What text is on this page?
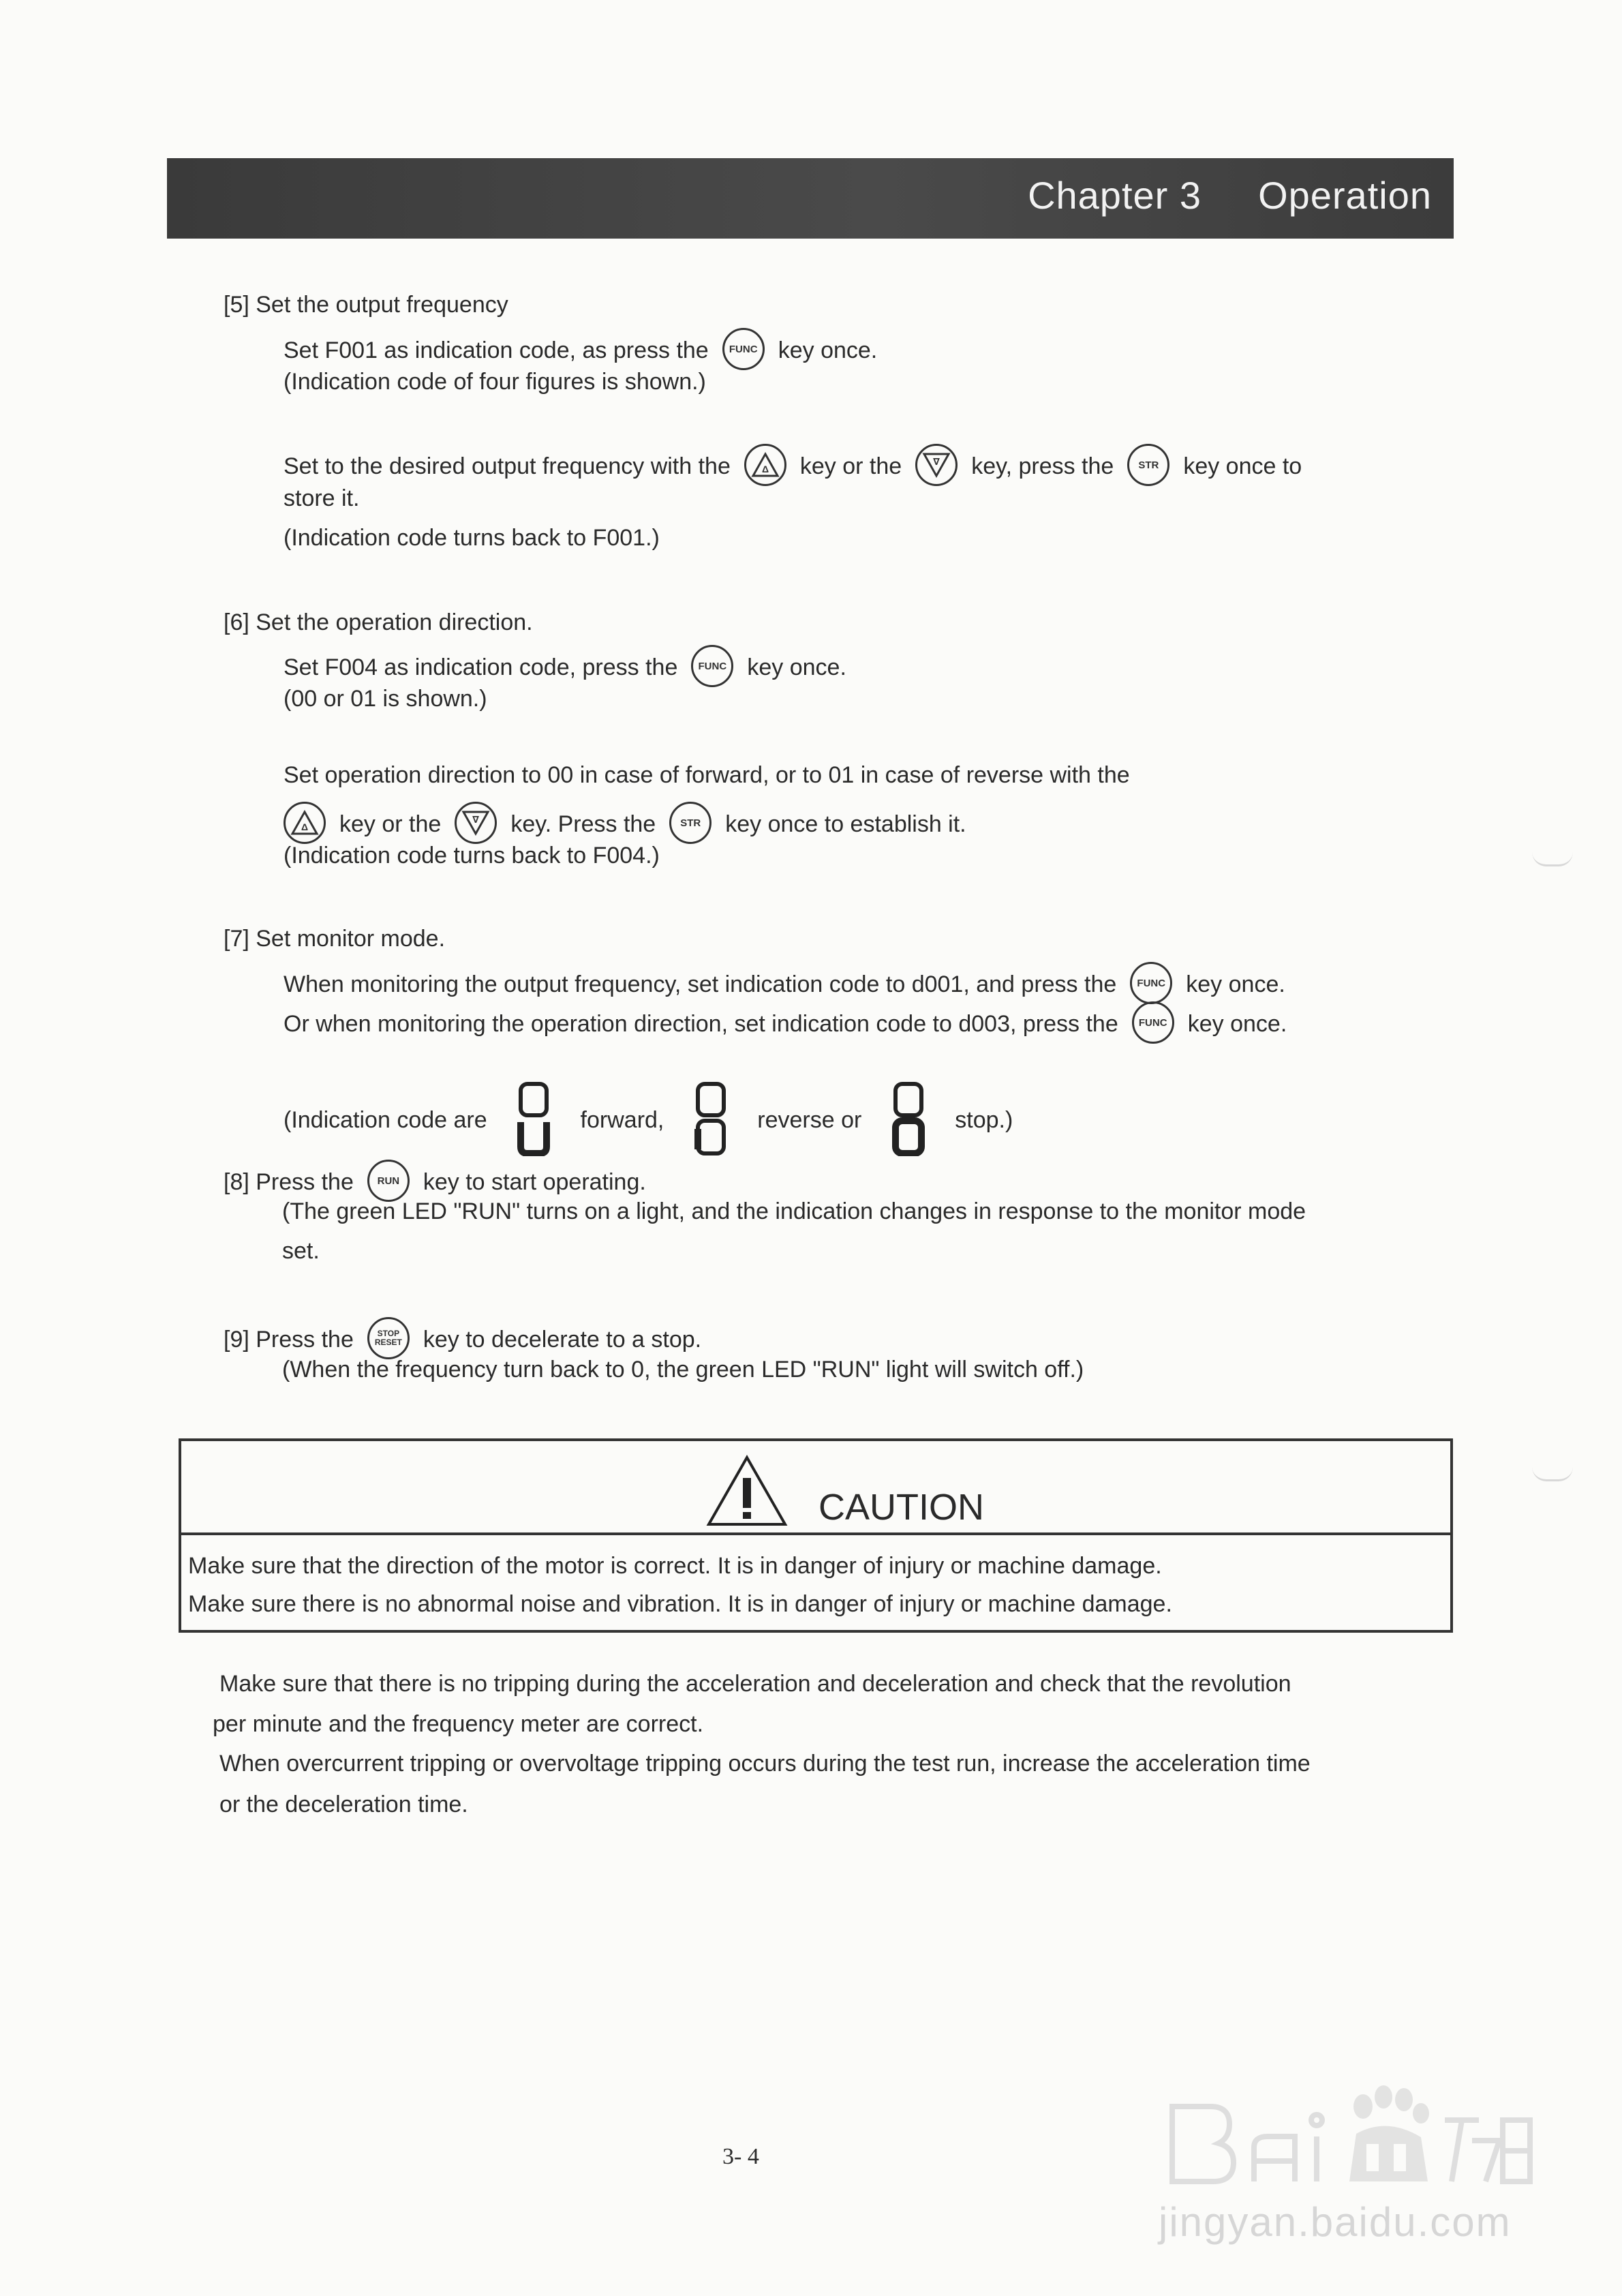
Chapter 3 Operation
[5] Set the output frequency
Set F001 as indication code, as press the FUNC key once.
(Indication code of four figures is shown.)
Set to the desired output frequency with the	Δ key or the	∇ key, press the STR key once to
store it.
(Indication code turns back to F001.)
[6] Set the operation direction.
Set F004 as indication code, press the FUNC key once.
(00 or 01 is shown.)
Set operation direction to 00 in case of forward, or to 01 in case of reverse with the
Δ key or the	∇ key. Press the STR key once to establish it.
(Indication code turns back to F004.)
[7] Set monitor mode.
When monitoring the output frequency, set indication code to d001, and press the FUNC key once.
Or when monitoring the operation direction, set indication code to d003, press the FUNC key once.
(Indication code are	forward,	reverse or	stop.)
[8] Press the RUN key to start operating.
(The green LED "RUN" turns on a light, and the indication changes in response to the monitor mode
set.
[9] Press the	STOP
RESET key to decelerate to a stop.
(When the frequency turn back to 0, the green LED "RUN" light will switch off.)
CAUTION
Make sure that the direction of the motor is correct. It is in danger of injury or machine damage.
Make sure there is no abnormal noise and vibration. It is in danger of injury or machine damage.
Make sure that there is no tripping during the acceleration and deceleration and check that the revolution
per minute and the frequency meter are correct.
When overcurrent tripping or overvoltage tripping occurs during the test run, increase the acceleration time
or the deceleration time.
3- 4
jingyan.baidu.com
